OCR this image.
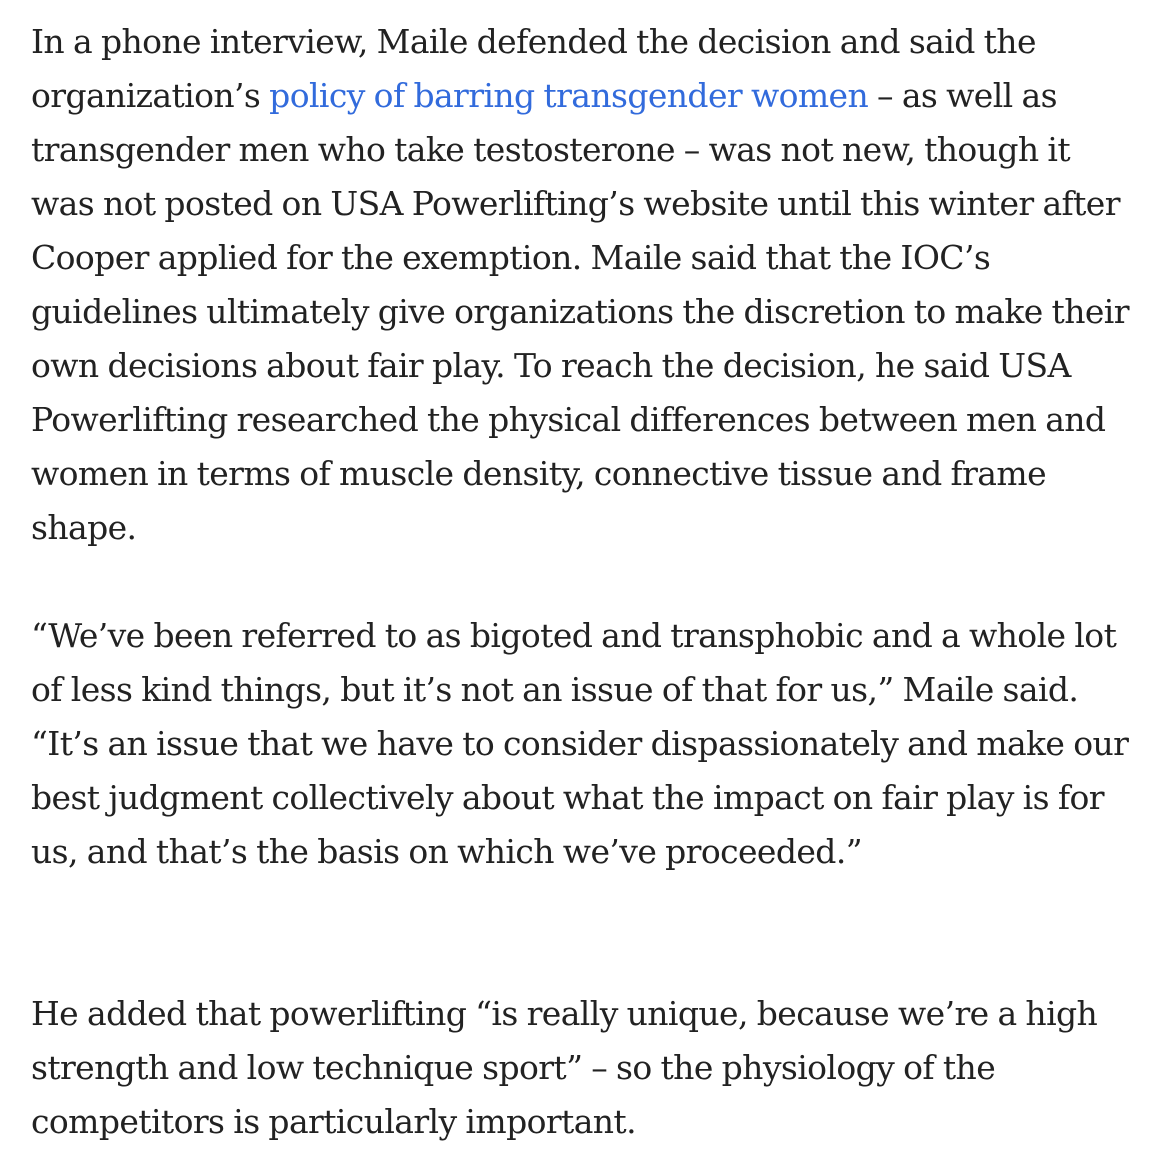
In a phone interview, Maile defended the decision and said the organization’s policy of barring transgender women – as well as transgender men who take testosterone – was not new, though it was not posted on USA Powerlifting’s website until this winter after Cooper applied for the exemption. Maile said that the IOC’s guidelines ultimately give organizations the discretion to make their own decisions about fair play. To reach the decision, he said USA Powerlifting researched the physical differences between men and women in terms of muscle density, connective tissue and frame shape.

“We’ve been referred to as bigoted and transphobic and a whole lot of less kind things, but it’s not an issue of that for us,” Maile said. “It’s an issue that we have to consider dispassionately and make our best judgment collectively about what the impact on fair play is for us, and that’s the basis on which we’ve proceeded.”

He added that powerlifting “is really unique, because we’re a high strength and low technique sport” – so the physiology of the competitors is particularly important.
